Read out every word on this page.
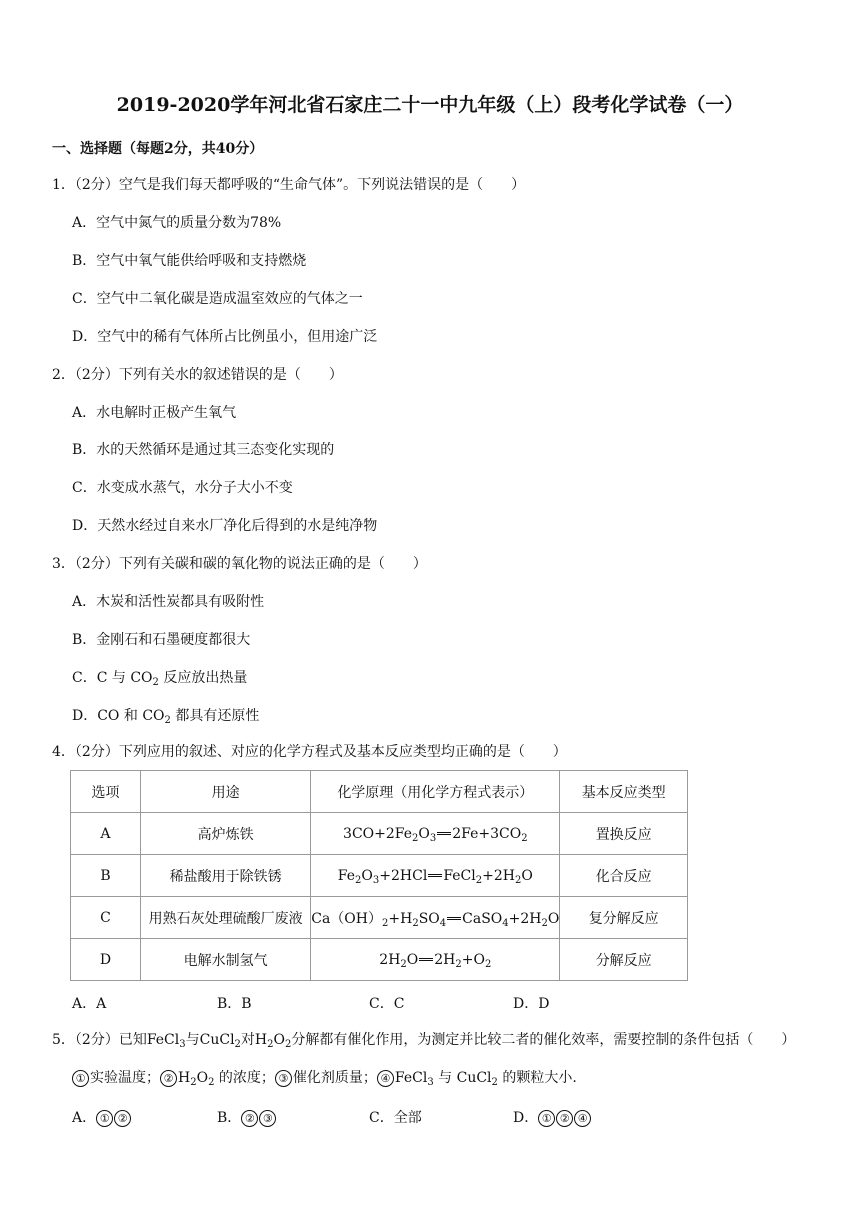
2019-2020学年河北省石家庄二十一中九年级（上）段考化学试卷（一）
一、选择题（每题2分，共40分）
1．（2分）空气是我们每天都呼吸的“生命气体”。下列说法错误的是（　　）
A．空气中氮气的质量分数为78%
B．空气中氧气能供给呼吸和支持燃烧
C．空气中二氧化碳是造成温室效应的气体之一
D．空气中的稀有气体所占比例虽小，但用途广泛
2．（2分）下列有关水的叙述错误的是（　　）
A．水电解时正极产生氧气
B．水的天然循环是通过其三态变化实现的
C．水变成水蒸气，水分子大小不变
D．天然水经过自来水厂净化后得到的水是纯净物
3．（2分）下列有关碳和碳的氧化物的说法正确的是（　　）
A．木炭和活性炭都具有吸附性
B．金刚石和石墨硬度都很大
C．C 与 $CO_2$ 反应放出热量
D．CO 和 $CO_2$ 都具有还原性
4．（2分）下列应用的叙述、对应的化学方程式及基本反应类型均正确的是（　　）
选项	用途	化学原理（用化学方程式表示）	基本反应类型
A	高炉炼铁	$3CO+2Fe_2O_3$ $2Fe+3CO_2$	置换反应
B	稀盐酸用于除铁锈	$Fe_2O_3+2HCl$ $FeCl_2+2H_2O$	化合反应
C	用熟石灰处理硫酸厂废液	$Ca(OH)_2+H_2SO_4$ $CaSO_4+2H_2O$	复分解反应
D	电解水制氢气	$2H_2O$ $2H_2+O_2$	分解反应
A．A	B．B	C．C	D．D
5．（2分）已知FeCl$_3$与CuCl$_2$对$H_2O_2$分解都有催化作用，为测定并比较二者的催化效率，需要控制的条件包括（　　）
① 实验温度； ② $H_2O_2$ 的浓度； ③ 催化剂质量； ④ FeCl$_3$ 与 CuCl$_2$ 的颗粒大小.
A． ① ②	B． ② ③	C．全部	D． ① ② ④
